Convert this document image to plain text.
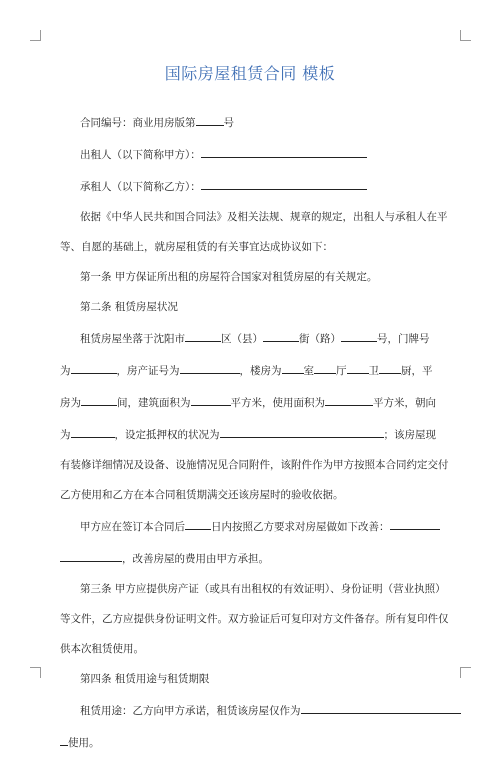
国际房屋租赁合同 模板

合同编号：商业用房版第	号

出租人（以下简称甲方）：

承租人（以下简称乙方）：

依据《中华人民共和国合同法》及相关法规、规章的规定，出租人与承租人在平

等、自愿的基础上，就房屋租赁的有关事宜达成协议如下：

第一条 甲方保证所出租的房屋符合国家对租赁房屋的有关规定。

第二条 租赁房屋状况

租赁房屋坐落于沈阳市	区（县）	街（路）	号，门牌号

为	，房产证号为	，楼房为 室 厅 卫 厨，平

房为	间，建筑面积为	平方米，使用面积为	平方米，朝向

为	，设定抵押权的状况为	；该房屋现

有装修详细情况及设备、设施情况见合同附件，该附件作为甲方按照本合同约定交付

乙方使用和乙方在本合同租赁期满交还该房屋时的验收依据。

甲方应在签订本合同后 日内按照乙方要求对房屋做如下改善：

，改善房屋的费用由甲方承担。

第三条 甲方应提供房产证（或具有出租权的有效证明）、身份证明（营业执照）

等文件，乙方应提供身份证明文件。双方验证后可复印对方文件备存。所有复印件仅

供本次租赁使用。

第四条 租赁用途与租赁期限

租赁用途：乙方向甲方承诺，租赁该房屋仅作为

使用。
